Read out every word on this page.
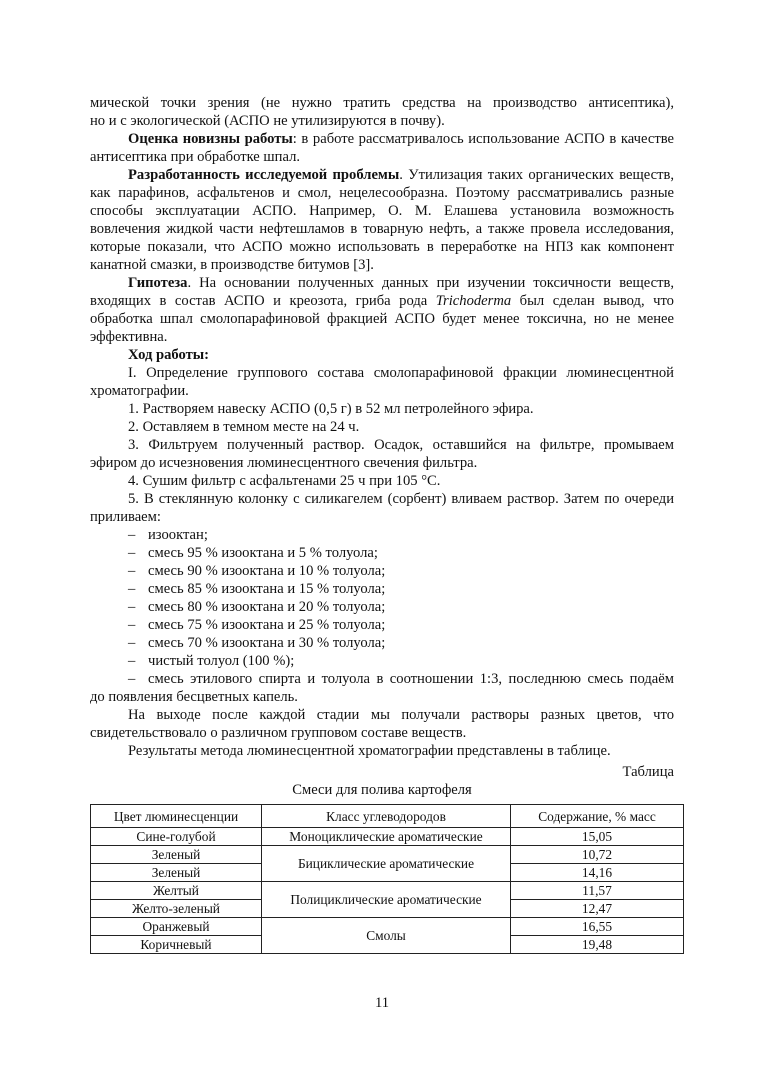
мической точки зрения (не нужно тратить средства на производство антисептика),

но и с экологической (АСПО не утилизируются в почву).

Оценка новизны работы: в работе рассматривалось использование АСПО в качестве антисептика при обработке шпал.

Разработанность исследуемой проблемы. Утилизация таких органических веществ, как парафинов, асфальтенов и смол, нецелесообразна. Поэтому рассматривались разные способы эксплуатации АСПО. Например, О. М. Елашева установила возможность вовлечения жидкой части нефтешламов в товарную нефть, а также провела исследования, которые показали, что АСПО можно использовать в переработке на НПЗ как компонент канатной смазки, в производстве битумов [3].

Гипотеза. На основании полученных данных при изучении токсичности веществ, входящих в состав АСПО и креозота, гриба рода Trichoderma был сделан вывод, что обработка шпал смолопарафиновой фракцией АСПО будет менее токсична, но не менее эффективна.

Ход работы:

I. Определение группового состава смолопарафиновой фракции люминесцентной хроматографии.

1. Растворяем навеску АСПО (0,5 г) в 52 мл петролейного эфира.

2. Оставляем в темном месте на 24 ч.

3. Фильтруем полученный раствор. Осадок, оставшийся на фильтре, промываем эфиром до исчезновения люминесцентного свечения фильтра.

4. Сушим фильтр с асфальтенами 25 ч при 105 °С.

5. В стеклянную колонку с силикагелем (сорбент) вливаем раствор. Затем по очереди приливаем:

– изооктан;

– смесь 95 % изооктана и 5 % толуола;

– смесь 90 % изооктана и 10 % толуола;

– смесь 85 % изооктана и 15 % толуола;

– смесь 80 % изооктана и 20 % толуола;

– смесь 75 % изооктана и 25 % толуола;

– смесь 70 % изооктана и 30 % толуола;

– чистый толуол (100 %);

– смесь этилового спирта и толуола в соотношении 1:3, последнюю смесь подаём

до появления бесцветных капель.

На выходе после каждой стадии мы получали растворы разных цветов, что свидетельствовало о различном групповом составе веществ.

Результаты метода люминесцентной хроматографии представлены в таблице.

Таблица
Смеси для полива картофеля
Цвет люминесценции	Класс углеводородов	Содержание, % масс
Сине-голубой	Моноциклические ароматические	15,05
Зеленый	Бициклические ароматические	10,72
Зеленый		14,16
Желтый	Полициклические ароматические	11,57
Желто-зеленый		12,47
Оранжевый	Смолы	16,55
Коричневый		19,48
11
